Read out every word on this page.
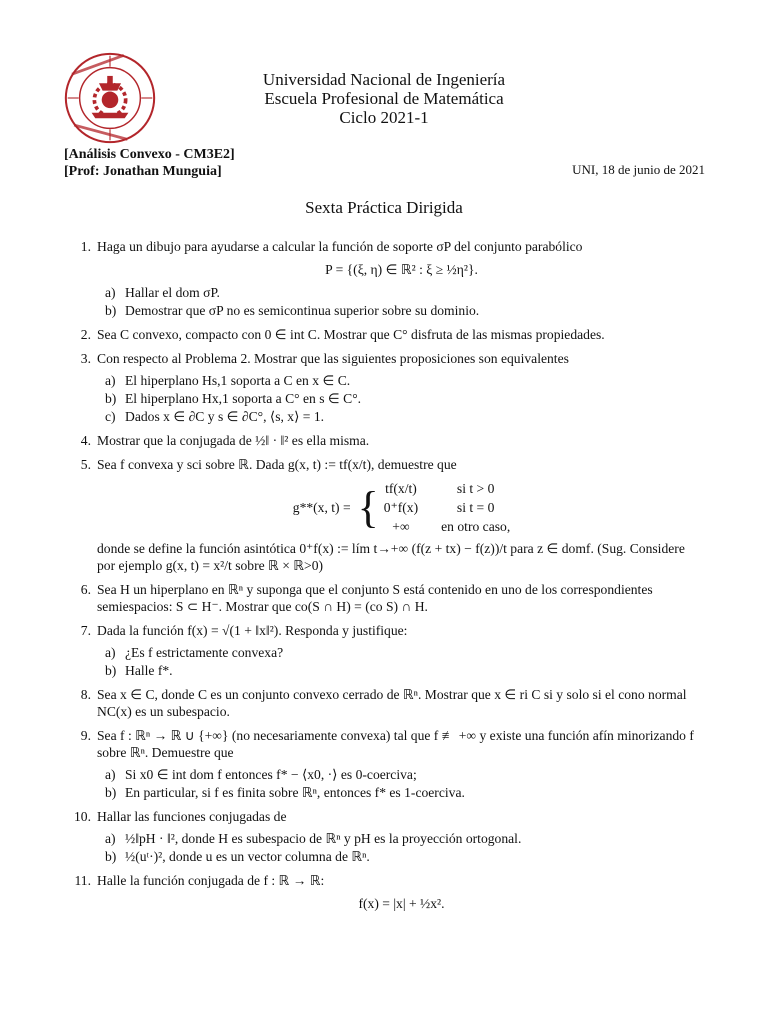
Universidad Nacional de Ingeniería
Escuela Profesional de Matemática
Ciclo 2021-1
[Análisis Convexo - CM3E2]
[Prof: Jonathan Munguia]	UNI, 18 de junio de 2021
Sexta Práctica Dirigida
1. Haga un dibujo para ayudarse a calcular la función de soporte σP del conjunto parabólico
P = {(ξ, η) ∈ ℝ² : ξ ≥ ½η²}.
a) Hallar el dom σP.
b) Demostrar que σP no es semicontinua superior sobre su dominio.
2. Sea C convexo, compacto con 0 ∈ int C. Mostrar que C° disfruta de las mismas propiedades.
3. Con respecto al Problema 2. Mostrar que las siguientes proposiciones son equivalentes
a) El hiperplano Hs,1 soporta a C en x ∈ C.
b) El hiperplano Hx,1 soporta a C° en s ∈ C°.
c) Dados x ∈ ∂C y s ∈ ∂C°, ⟨s, x⟩ = 1.
4. Mostrar que la conjugada de ½‖ · ‖² es ella misma.
5. Sea f convexa y sci sobre ℝ. Dada g(x, t) := tf(x/t), demuestre que
g**(x, t) =	{	tf(x/t)	si t > 0
		0⁺f(x)	si t = 0
		+∞	en otro caso,
donde se define la función asintótica 0⁺f(x) := lím t→+∞ (f(z + tx) − f(z))/t para z ∈ domf. (Sug. Considere por ejemplo g(x, t) = x²/t sobre ℝ × ℝ>0)
6. Sea H un hiperplano en ℝⁿ y suponga que el conjunto S está contenido en uno de los correspondientes semiespacios: S ⊂ H⁻. Mostrar que co(S ∩ H) = (co S) ∩ H.
7. Dada la función f(x) = √(1 + ‖x‖²). Responda y justifique:
a) ¿Es f estrictamente convexa?
b) Halle f*.
8. Sea x ∈ C, donde C es un conjunto convexo cerrado de ℝⁿ. Mostrar que x ∈ ri C si y solo si el cono normal NC(x) es un subespacio.
9. Sea f : ℝⁿ → ℝ ∪ {+∞} (no necesariamente convexa) tal que f ≢ +∞ y existe una función afín minorizando f sobre ℝⁿ. Demuestre que
a) Si x0 ∈ int dom f entonces f* − ⟨x0, ·⟩ es 0-coerciva;
b) En particular, si f es finita sobre ℝⁿ, entonces f* es 1-coerciva.
10. Hallar las funciones conjugadas de
a) ½‖pH · ‖², donde H es subespacio de ℝⁿ y pH es la proyección ortogonal.
b) ½(uᵗ·)², donde u es un vector columna de ℝⁿ.
11. Halle la función conjugada de f : ℝ → ℝ:
f(x) = |x| + ½x².
